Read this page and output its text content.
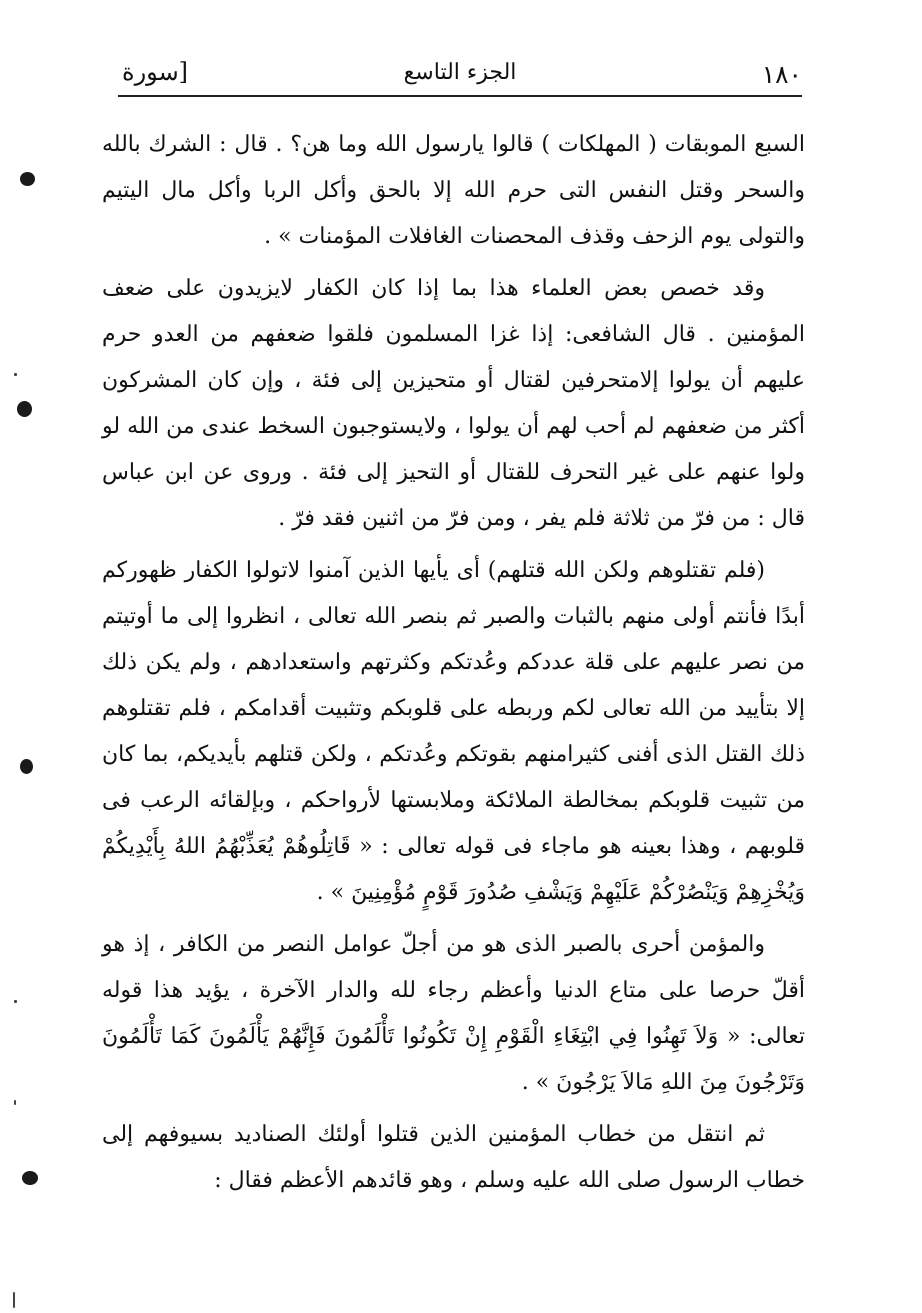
١٨٠
الجزء التاسع
[سورة

السبع الموبقات ( المهلكات ) قالوا يارسول الله وما هن؟ . قال : الشرك بالله والسحر وقتل النفس التى حرم الله إلا بالحق وأكل الربا وأكل مال اليتيم والتولى يوم الزحف وقذف المحصنات الغافلات المؤمنات » .

وقد خصص بعض العلماء هذا بما إذا كان الكفار لايزيدون على ضعف المؤمنين . قال الشافعى: إذا غزا المسلمون فلقوا ضعفهم من العدو حرم عليهم أن يولوا إلامتحرفين لقتال أو متحيزين إلى فئة ، وإن كان المشركون أكثر من ضعفهم لم أحب لهم أن يولوا ، ولايستوجبون السخط عندى من الله لو ولوا عنهم على غير التحرف للقتال أو التحيز إلى فئة . وروى عن ابن عباس قال : من فرّ من ثلاثة فلم يفر ، ومن فرّ من اثنين فقد فرّ .

(فلم تقتلوهم ولكن الله قتلهم) أى يأيها الذين آمنوا لاتولوا الكفار ظهوركم أبدًا فأنتم أولى منهم بالثبات والصبر ثم بنصر الله تعالى ، انظروا إلى ما أوتيتم من نصر عليهم على قلة عددكم وعُدتكم وكثرتهم واستعدادهم ، ولم يكن ذلك إلا بتأييد من الله تعالى لكم وربطه على قلوبكم وتثبيت أقدامكم ، فلم تقتلوهم ذلك القتل الذى أفنى كثيرامنهم بقوتكم وعُدتكم ، ولكن قتلهم بأيديكم، بما كان من تثبيت قلوبكم بمخالطة الملائكة وملابستها لأرواحكم ، وبإلقائه الرعب فى قلوبهم ، وهذا بعينه هو ماجاء فى قوله تعالى : « قَاتِلُوهُمْ يُعَذِّبْهُمُ اللهُ بِأَيْدِيكُمْ وَيُخْزِهِمْ وَيَنْصُرْكُمْ عَلَيْهِمْ وَيَشْفِ صُدُورَ قَوْمٍ مُؤْمِنِينَ » .

والمؤمن أحرى بالصبر الذى هو من أجلّ عوامل النصر من الكافر ، إذ هو أقلّ حرصا على متاع الدنيا وأعظم رجاء لله والدار الآخرة ، يؤيد هذا قوله تعالى: « وَلاَ تَهِنُوا فِي ابْتِغَاءِ الْقَوْمِ إِنْ تَكُونُوا تَأْلَمُونَ فَإِنَّهُمْ يَأْلَمُونَ كَمَا تَأْلَمُونَ وَتَرْجُونَ مِنَ اللهِ مَالاَ يَرْجُونَ » .

ثم انتقل من خطاب المؤمنين الذين قتلوا أولئك الصناديد بسيوفهم إلى خطاب الرسول صلى الله عليه وسلم ، وهو قائدهم الأعظم فقال :
